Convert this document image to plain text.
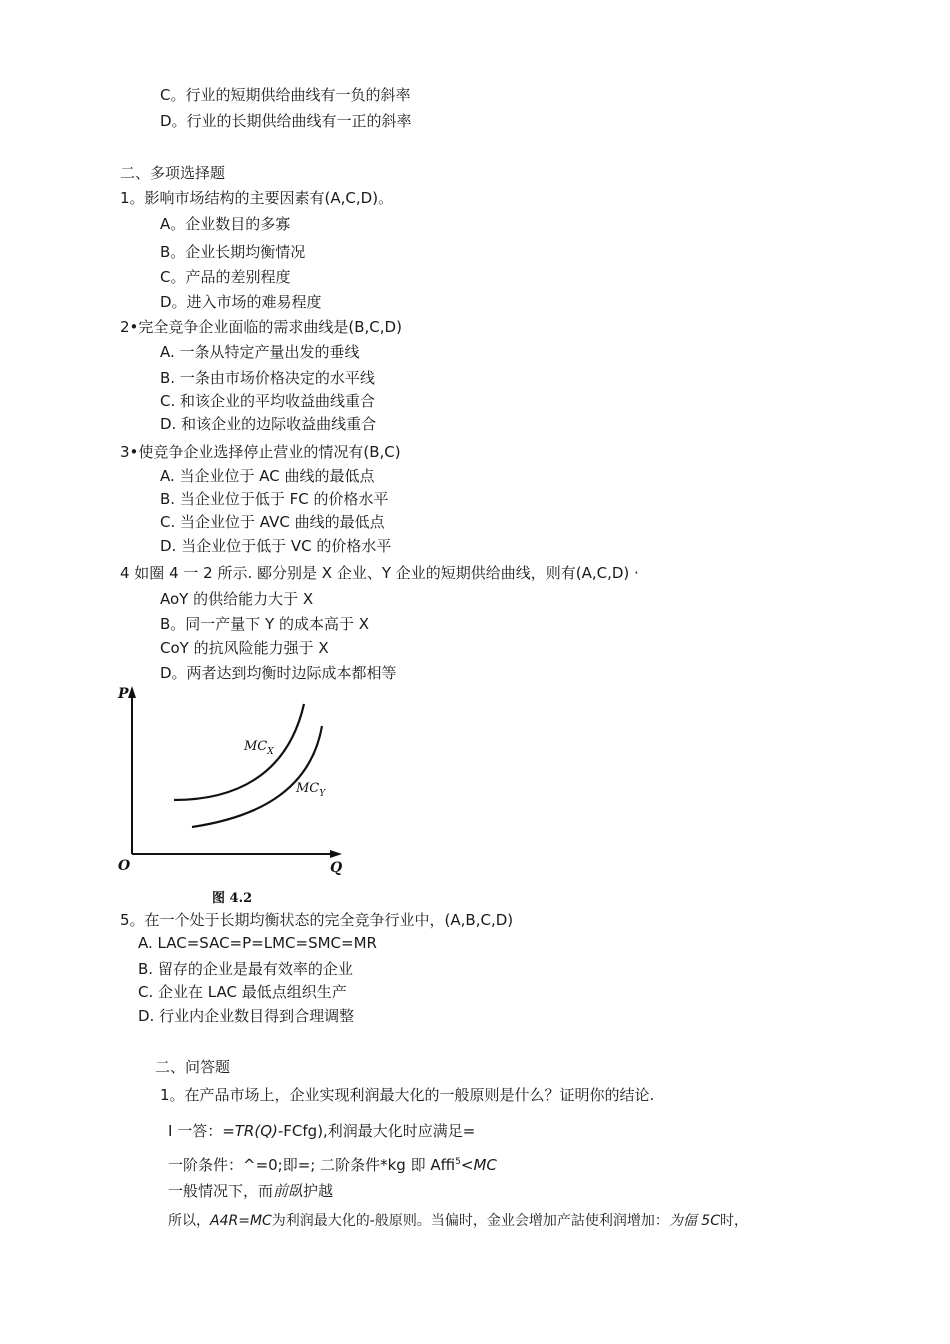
C。行业的短期供给曲线有一负的斜率
D。行业的长期供给曲线有一正的斜率
二、多项选择题
1。影响市场结构的主要因素有(A,C,D)。
A。企业数目的多寡
B。企业长期均衡情况
C。产品的差别程度
D。进入市场的难易程度
2•完全竞争企业面临的需求曲线是(B,C,D)
A. 一条从特定产量出发的垂线
B. 一条由市场价格决定的水平线
C. 和该企业的平均收益曲线重合
D. 和该企业的边际收益曲线重合
3•使竞争企业选择停止营业的情况有(B,C)
A. 当企业位于 AC 曲线的最低点
B. 当企业位于低于 FC 的价格水平
C. 当企业位于 AVC 曲线的最低点
D. 当企业位于低于 VC 的价格水平
4 如圈 4 一 2 所示. 郾分别是 X 企业、Y 企业的短期供给曲线，则有(A,C,D) ·
AoY 的供给能力大于 X
B。同一产量下 Y 的成本高于 X
CoY 的抗风险能力强于 X
D。两者达到均衡时边际成本都相等
P
O	Q
$MC_X$
$MC_Y$
图 4.2
5。在一个处于长期均衡状态的完全竞争行业中，(A,B,C,D)
A. LAC=SAC=P=LMC=SMC=MR
B. 留存的企业是最有效率的企业
C. 企业在 LAC 最低点组织生产
D. 行业内企业数目得到合理调整
二、问答题
1。在产品市场上，企业实现利润最大化的一般原则是什么？证明你的结论.
I 一答：=TR(Q)-FCfg),利润最大化时应满足=
一阶条件：^=0;即=; 二阶条件*kg 即 Affi$^5$<MC
一般情况下，而前臥护越
所以，A4R=MC为利润最大化的-般原则。当偏时，金业会增加产詁使利润增加：为偪 5C时，
